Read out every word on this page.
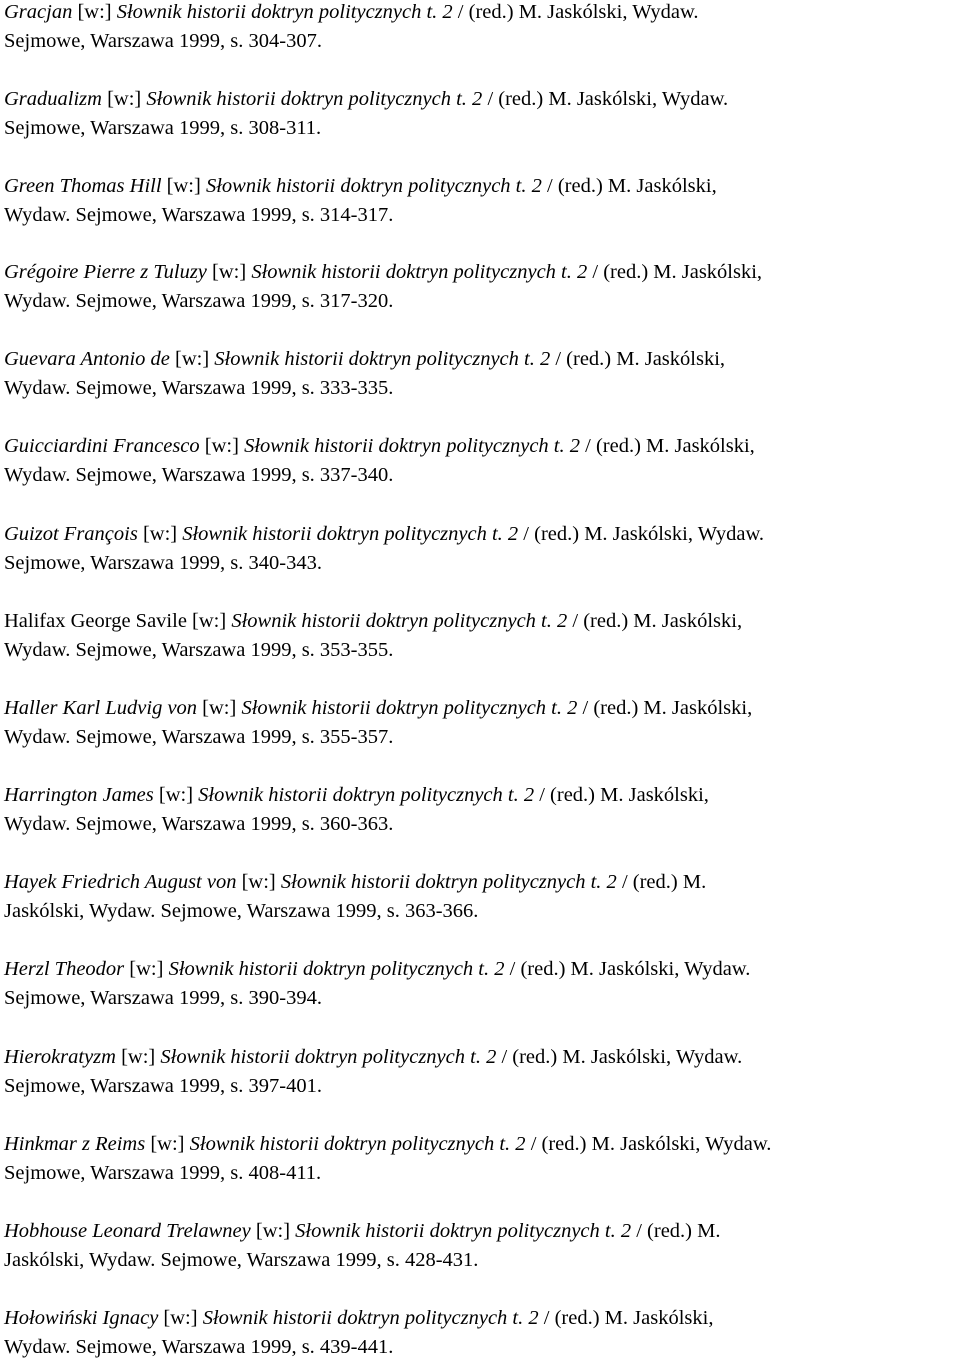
Gracjan [w:] Słownik historii doktryn politycznych t. 2 / (red.) M. Jaskólski, Wydaw.
Sejmowe, Warszawa 1999, s. 304-307.

Gradualizm [w:] Słownik historii doktryn politycznych t. 2 / (red.) M. Jaskólski, Wydaw.
Sejmowe, Warszawa 1999, s. 308-311.

Green Thomas Hill [w:] Słownik historii doktryn politycznych t. 2 / (red.) M. Jaskólski,
Wydaw. Sejmowe, Warszawa 1999, s. 314-317.

Grégoire Pierre z Tuluzy [w:] Słownik historii doktryn politycznych t. 2 / (red.) M. Jaskólski,
Wydaw. Sejmowe, Warszawa 1999, s. 317-320.

Guevara Antonio de [w:] Słownik historii doktryn politycznych t. 2 / (red.) M. Jaskólski,
Wydaw. Sejmowe, Warszawa 1999, s. 333-335.

Guicciardini Francesco [w:] Słownik historii doktryn politycznych t. 2 / (red.) M. Jaskólski,
Wydaw. Sejmowe, Warszawa 1999, s. 337-340.

Guizot François [w:] Słownik historii doktryn politycznych t. 2 / (red.) M. Jaskólski, Wydaw.
Sejmowe, Warszawa 1999, s. 340-343.

Halifax George Savile [w:] Słownik historii doktryn politycznych t. 2 / (red.) M. Jaskólski,
Wydaw. Sejmowe, Warszawa 1999, s. 353-355.

Haller Karl Ludvig von [w:] Słownik historii doktryn politycznych t. 2 / (red.) M. Jaskólski,
Wydaw. Sejmowe, Warszawa 1999, s. 355-357.

Harrington James [w:] Słownik historii doktryn politycznych t. 2 / (red.) M. Jaskólski,
Wydaw. Sejmowe, Warszawa 1999, s. 360-363.

Hayek Friedrich August von [w:] Słownik historii doktryn politycznych t. 2 / (red.) M.
Jaskólski, Wydaw. Sejmowe, Warszawa 1999, s. 363-366.

Herzl Theodor [w:] Słownik historii doktryn politycznych t. 2 / (red.) M. Jaskólski, Wydaw.
Sejmowe, Warszawa 1999, s. 390-394.

Hierokratyzm [w:] Słownik historii doktryn politycznych t. 2 / (red.) M. Jaskólski, Wydaw.
Sejmowe, Warszawa 1999, s. 397-401.

Hinkmar z Reims [w:] Słownik historii doktryn politycznych t. 2 / (red.) M. Jaskólski, Wydaw.
Sejmowe, Warszawa 1999, s. 408-411.

Hobhouse Leonard Trelawney [w:] Słownik historii doktryn politycznych t. 2 / (red.) M.
Jaskólski, Wydaw. Sejmowe, Warszawa 1999, s. 428-431.

Hołowiński Ignacy [w:] Słownik historii doktryn politycznych t. 2 / (red.) M. Jaskólski,
Wydaw. Sejmowe, Warszawa 1999, s. 439-441.
